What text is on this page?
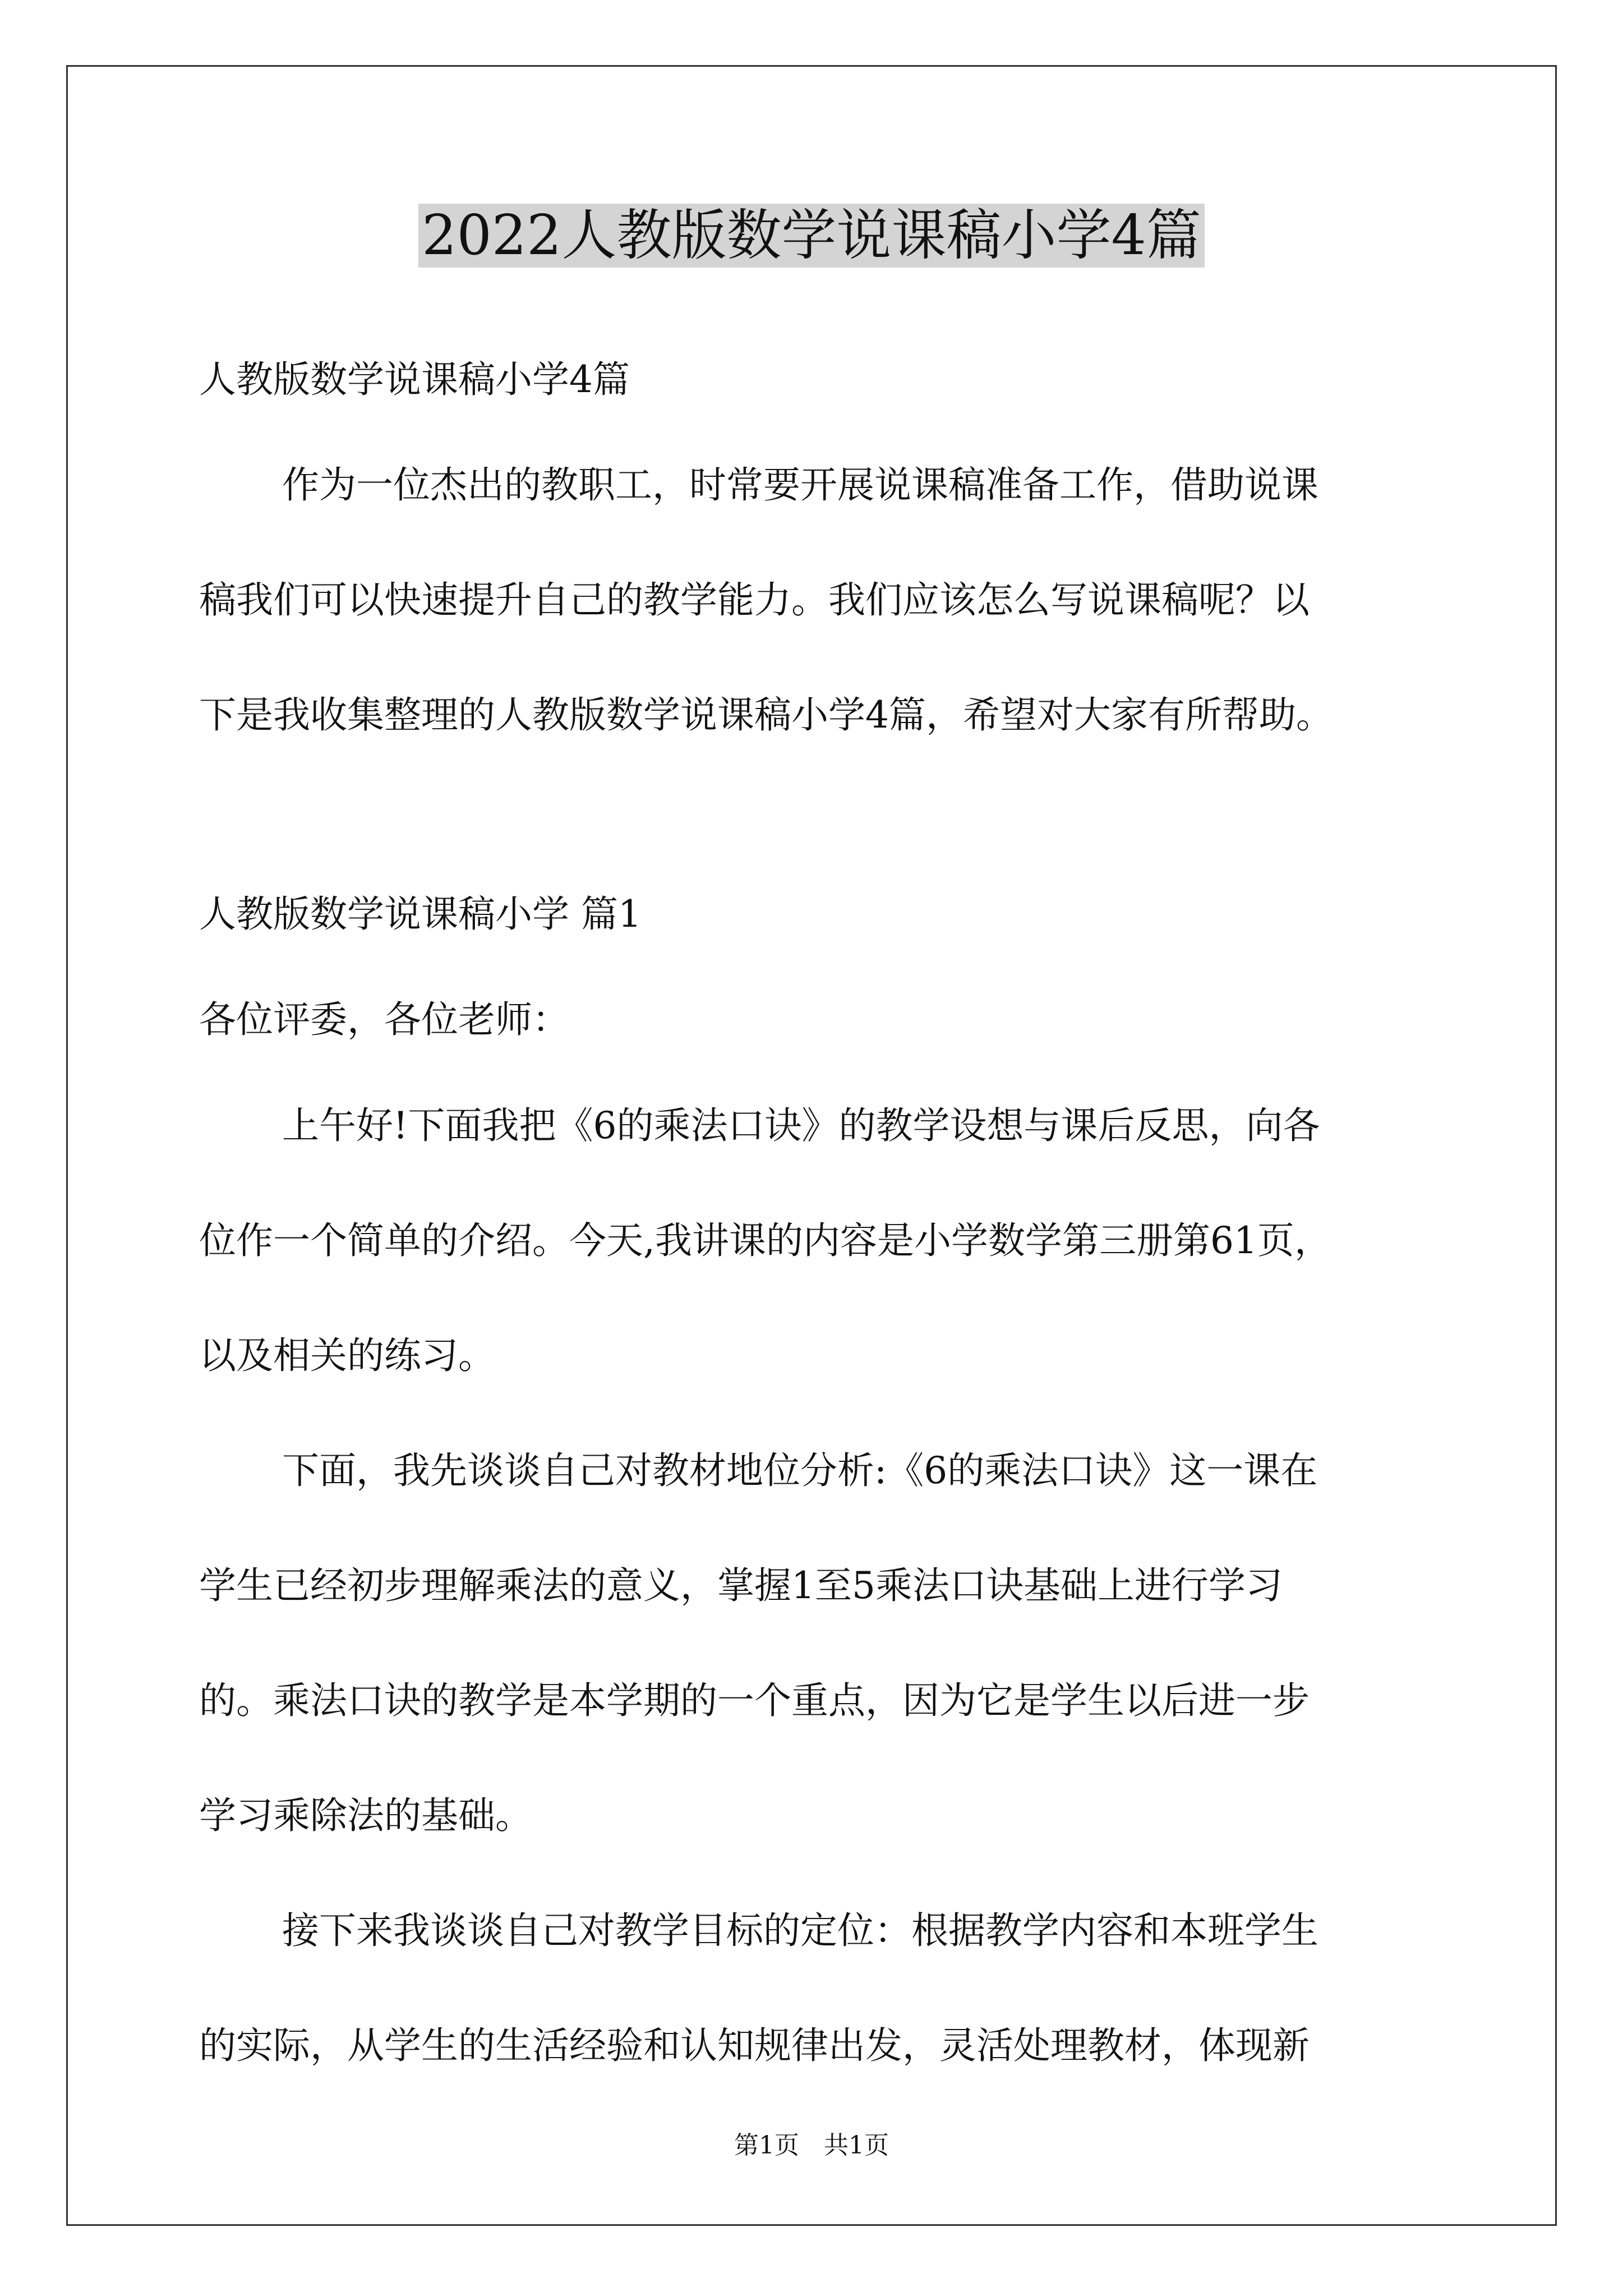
2022人教版数学说课稿小学4篇
人教版数学说课稿小学4篇
作为一位杰出的教职工，时常要开展说课稿准备工作，借助说课
稿我们可以快速提升自己的教学能力。我们应该怎么写说课稿呢？以
下是我收集整理的人教版数学说课稿小学4篇，希望对大家有所帮助。
人教版数学说课稿小学 篇1
各位评委，各位老师：
上午好!下面我把《6的乘法口诀》的教学设想与课后反思，向各
位作一个简单的介绍。今天,我讲课的内容是小学数学第三册第61页，
以及相关的练习。
下面，我先谈谈自己对教材地位分析:《6的乘法口诀》这一课在
学生已经初步理解乘法的意义，掌握1至5乘法口诀基础上进行学习
的。乘法口诀的教学是本学期的一个重点，因为它是学生以后进一步
学习乘除法的基础。
接下来我谈谈自己对教学目标的定位：根据教学内容和本班学生
的实际，从学生的生活经验和认知规律出发，灵活处理教材，体现新
第1页　共1页
